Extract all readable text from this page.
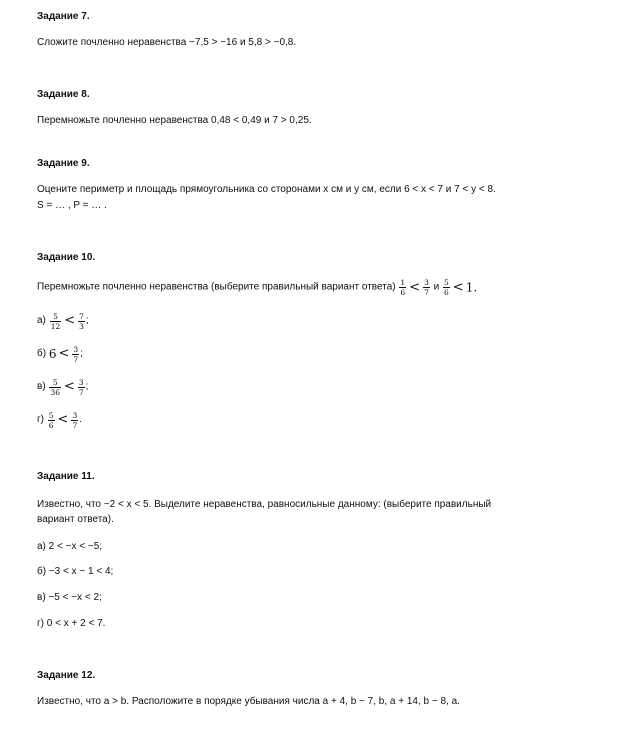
Задание 7.
Сложите почленно неравенства −7,5 > −16 и 5,8 > −0,8.
Задание 8.
Перемножьте почленно неравенства 0,48 < 0,49 и 7 > 0,25.
Задание 9.
Оцените периметр и площадь прямоугольника со сторонами х см и у см, если 6 < х < 7 и 7 < у < 8.
S = … , P = … .
Задание 10.
Перемножьте почленно неравенства (выберите правильный вариант ответа) $\frac{1}{6} < \frac{3}{7}$ и $\frac{5}{6} < 1$.
$а) \frac{5}{12} < \frac{7}{3}$ ;
б) $6 < \frac{3}{7}$ ;
$в) \frac{5}{36} < \frac{3}{7}$ ;
$г) \frac{5}{6} < \frac{3}{7}$ .
Задание 11.
Известно, что −2 < х < 5. Выделите неравенства, равносильные данному: (выберите правильный вариант ответа).
а) 2 < −х < −5;
б) −3 < х − 1 < 4;
в) −5 < −х < 2;
г) 0 < х + 2 < 7.
Задание 12.
Известно, что а > b. Расположите в порядке убывания числа а + 4, b − 7, b, а + 14, b − 8, а.
